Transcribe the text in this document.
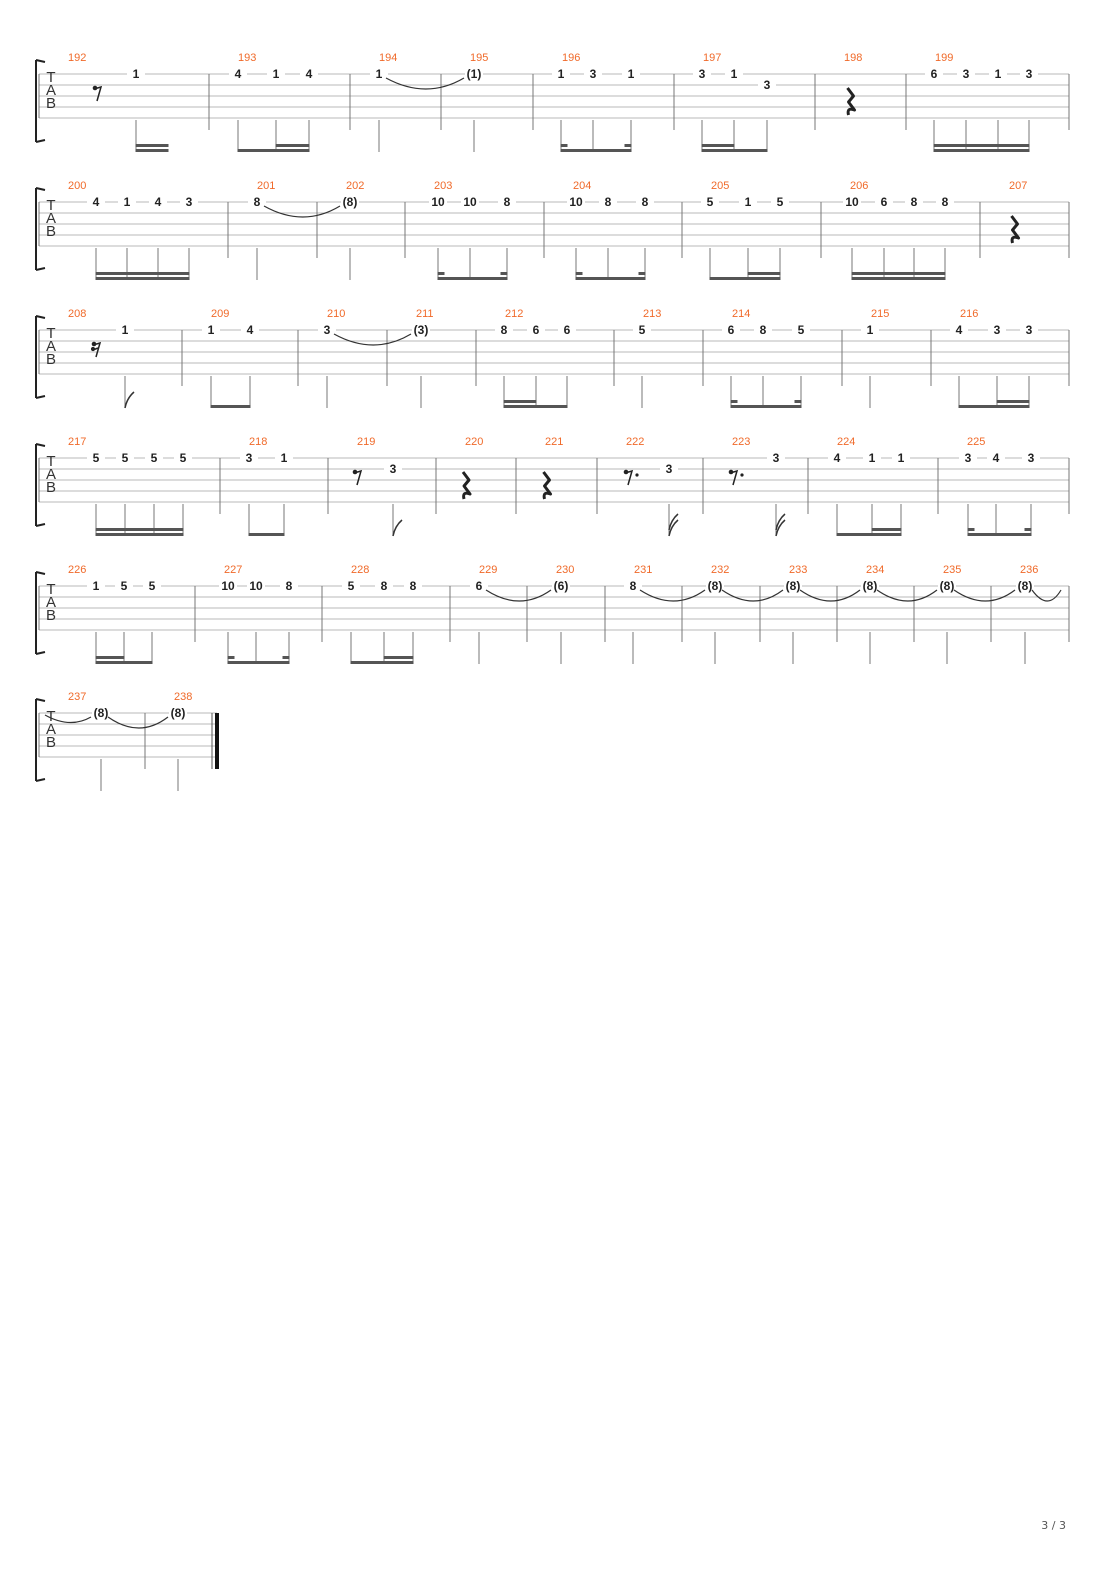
T
A
B
192
1
193
4	1 4
194
1
195
(1)
196
1 3	1
197
3 1
3
198	199
6 3 1 3
T
A
B
200
4 1 4 3
201
8
202
(8)
203
10 10 8
204
10 8	8
205
5	1 5
206
10 6 8 8
207
T
A
B
208
1
209
1	4
210
3
211
(3)
212
8 6 6
213
5
214
6 8	5
215
1
216
4	3 3
T
A
B
217
5 5 5 5
218
3 1
219
3
220	221	222
3
223
3
224
4 1 1
225
3 4 3
T
A
B
226
1 5 5
227
10 10 8
228
5 8 8
229
6
230
(6)
231
8
232
(8)
233
(8)
234
(8)
235
(8)
236
(8)
T
A
B
237
(8)
238
(8)
3 / 3
